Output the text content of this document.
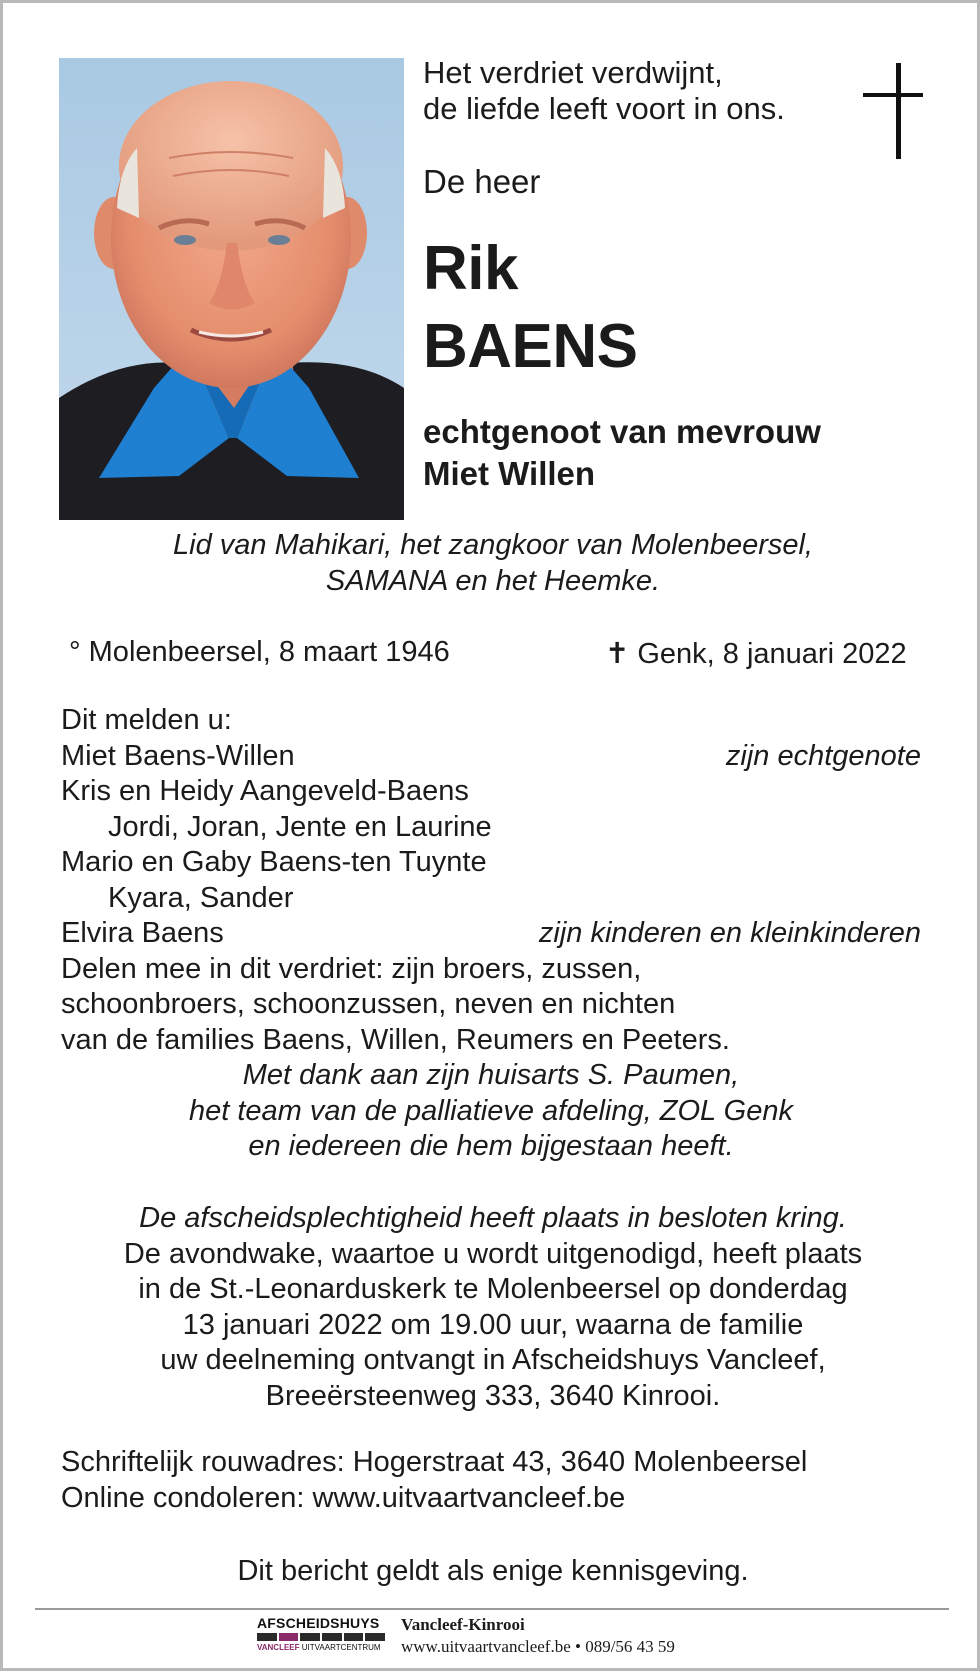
Het verdriet verdwijnt,
de liefde leeft voort in ons.
De heer
Rik
BAENS
echtgenoot van mevrouw
Miet Willen
Lid van Mahikari, het zangkoor van Molenbeersel,
SAMANA en het Heemke.
° Molenbeersel, 8 maart 1946	✝ Genk, 8 januari 2022
Dit melden u:
Miet Baens-Willen	zijn echtgenote
Kris en Heidy Aangeveld-Baens
Jordi, Joran, Jente en Laurine
Mario en Gaby Baens-ten Tuynte
Kyara, Sander
Elvira Baens	zijn kinderen en kleinkinderen
Delen mee in dit verdriet: zijn broers, zussen,
schoonbroers, schoonzussen, neven en nichten
van de families Baens, Willen, Reumers en Peeters.
Met dank aan zijn huisarts S. Paumen,
het team van de palliatieve afdeling, ZOL Genk
en iedereen die hem bijgestaan heeft.
De afscheidsplechtigheid heeft plaats in besloten kring.
De avondwake, waartoe u wordt uitgenodigd, heeft plaats
in de St.-Leonarduskerk te Molenbeersel op donderdag
13 januari 2022 om 19.00 uur, waarna de familie
uw deelneming ontvangt in Afscheidshuys Vancleef,
Breeërsteenweg 333, 3640 Kinrooi.
Schriftelijk rouwadres: Hogerstraat 43, 3640 Molenbeersel
Online condoleren: www.uitvaartvancleef.be
Dit bericht geldt als enige kennisgeving.
AFSCHEIDSHUYS
VANCLEEF UITVAARTCENTRUM
Vancleef-Kinrooi
www.uitvaartvancleef.be • 089/56 43 59
